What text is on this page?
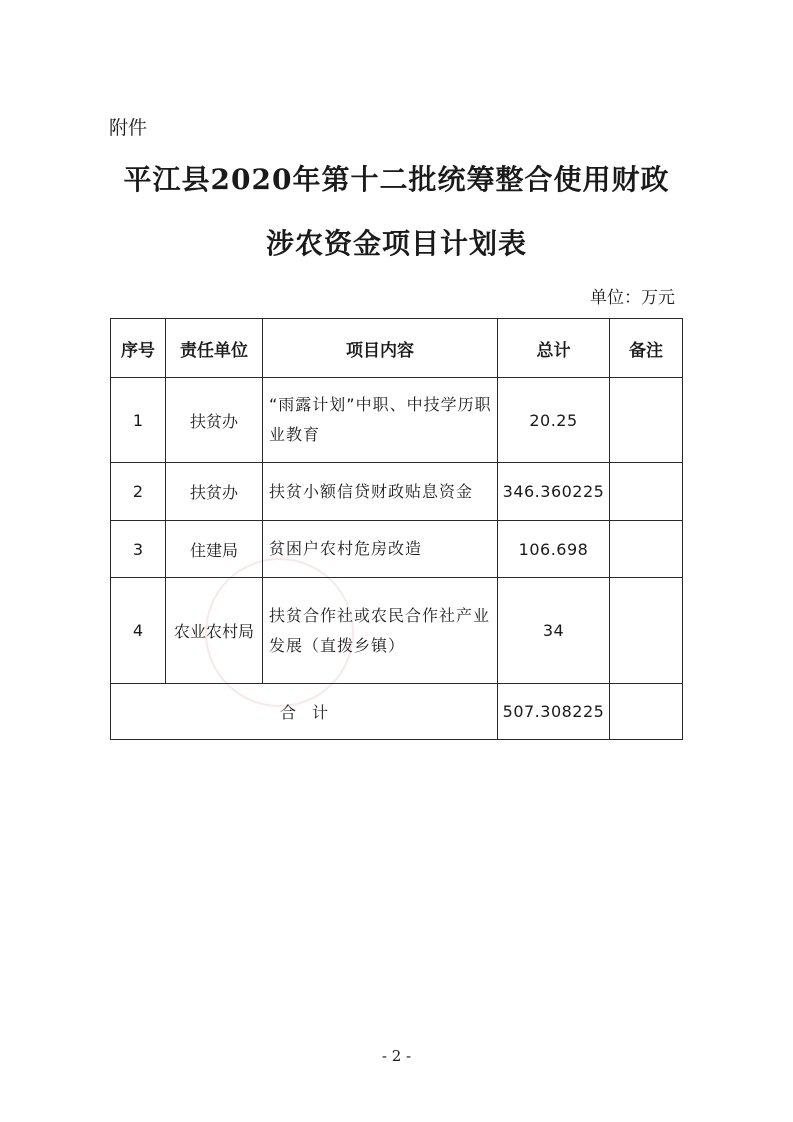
附件
平江县2020年第十二批统筹整合使用财政
涉农资金项目计划表
单位：万元
序号	责任单位	项目内容	总计	备注
1	扶贫办	“雨露计划”中职、中技学历职业教育	20.25	
2	扶贫办	扶贫小额信贷财政贴息资金	346.360225	
3	住建局	贫困户农村危房改造	106.698	
4	农业农村局	扶贫合作社或农民合作社产业发展（直拨乡镇）	34	
合　计			507.308225	
- 2 -
